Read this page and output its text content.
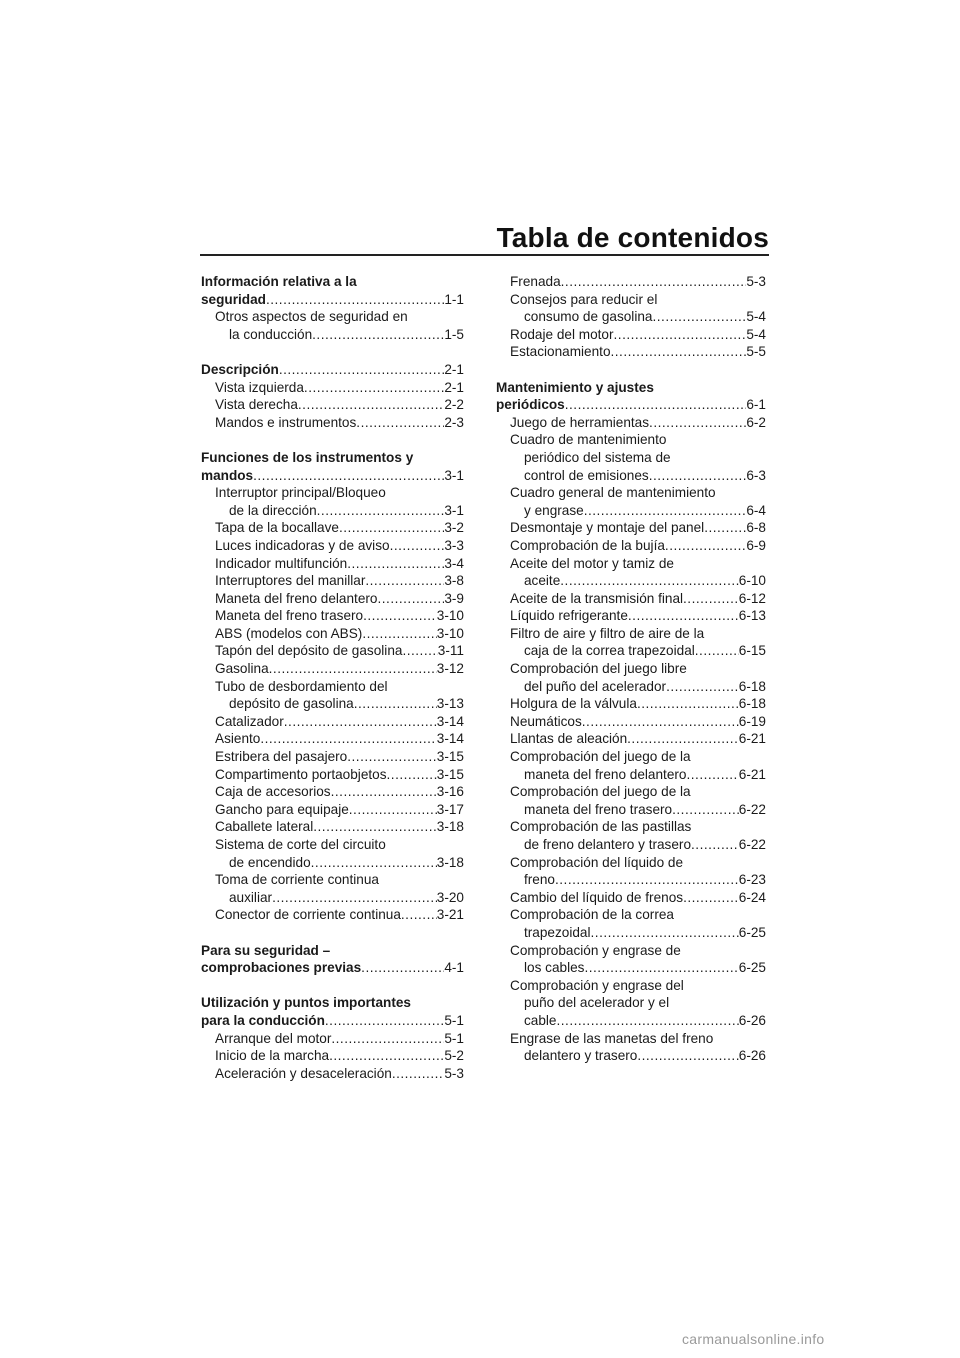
Tabla de contenidos
Información relativa a la
seguridad .....	1-1
Otros aspectos de seguridad en
la conducción .....	1-5
Descripción .....	2-1
Vista izquierda .....	2-1
Vista derecha .....	2-2
Mandos e instrumentos .....	2-3
Funciones de los instrumentos y
mandos .....	3-1
Interruptor principal/Bloqueo
de la dirección .....	3-1
Tapa de la bocallave .....	3-2
Luces indicadoras y de aviso .....	3-3
Indicador multifunción .....	3-4
Interruptores del manillar .....	3-8
Maneta del freno delantero .....	3-9
Maneta del freno trasero .....	3-10
ABS (modelos con ABS) .....	3-10
Tapón del depósito de gasolina .....	3-11
Gasolina .....	3-12
Tubo de desbordamiento del
depósito de gasolina .....	3-13
Catalizador .....	3-14
Asiento .....	3-14
Estribera del pasajero .....	3-15
Compartimento portaobjetos .....	3-15
Caja de accesorios .....	3-16
Gancho para equipaje .....	3-17
Caballete lateral .....	3-18
Sistema de corte del circuito
de encendido .....	3-18
Toma de corriente continua
auxiliar .....	3-20
Conector de corriente continua .....	3-21
Para su seguridad –
comprobaciones previas .....	4-1
Utilización y puntos importantes
para la conducción .....	5-1
Arranque del motor .....	5-1
Inicio de la marcha .....	5-2
Aceleración y desaceleración .....	5-3
Frenada .....	5-3
Consejos para reducir el
consumo de gasolina .....	5-4
Rodaje del motor .....	5-4
Estacionamiento .....	5-5
Mantenimiento y ajustes
periódicos .....	6-1
Juego de herramientas .....	6-2
Cuadro de mantenimiento
periódico del sistema de
control de emisiones .....	6-3
Cuadro general de mantenimiento
y engrase .....	6-4
Desmontaje y montaje del panel .....	6-8
Comprobación de la bujía .....	6-9
Aceite del motor y tamiz de
aceite .....	6-10
Aceite de la transmisión final .....	6-12
Líquido refrigerante .....	6-13
Filtro de aire y filtro de aire de la
caja de la correa trapezoidal .....	6-15
Comprobación del juego libre
del puño del acelerador .....	6-18
Holgura de la válvula .....	6-18
Neumáticos .....	6-19
Llantas de aleación .....	6-21
Comprobación del juego de la
maneta del freno delantero .....	6-21
Comprobación del juego de la
maneta del freno trasero .....	6-22
Comprobación de las pastillas
de freno delantero y trasero .....	6-22
Comprobación del líquido de
freno .....	6-23
Cambio del líquido de frenos .....	6-24
Comprobación de la correa
trapezoidal .....	6-25
Comprobación y engrase de
los cables .....	6-25
Comprobación y engrase del
puño del acelerador y el
cable .....	6-26
Engrase de las manetas del freno
delantero y trasero .....	6-26
carmanualsonline.info
